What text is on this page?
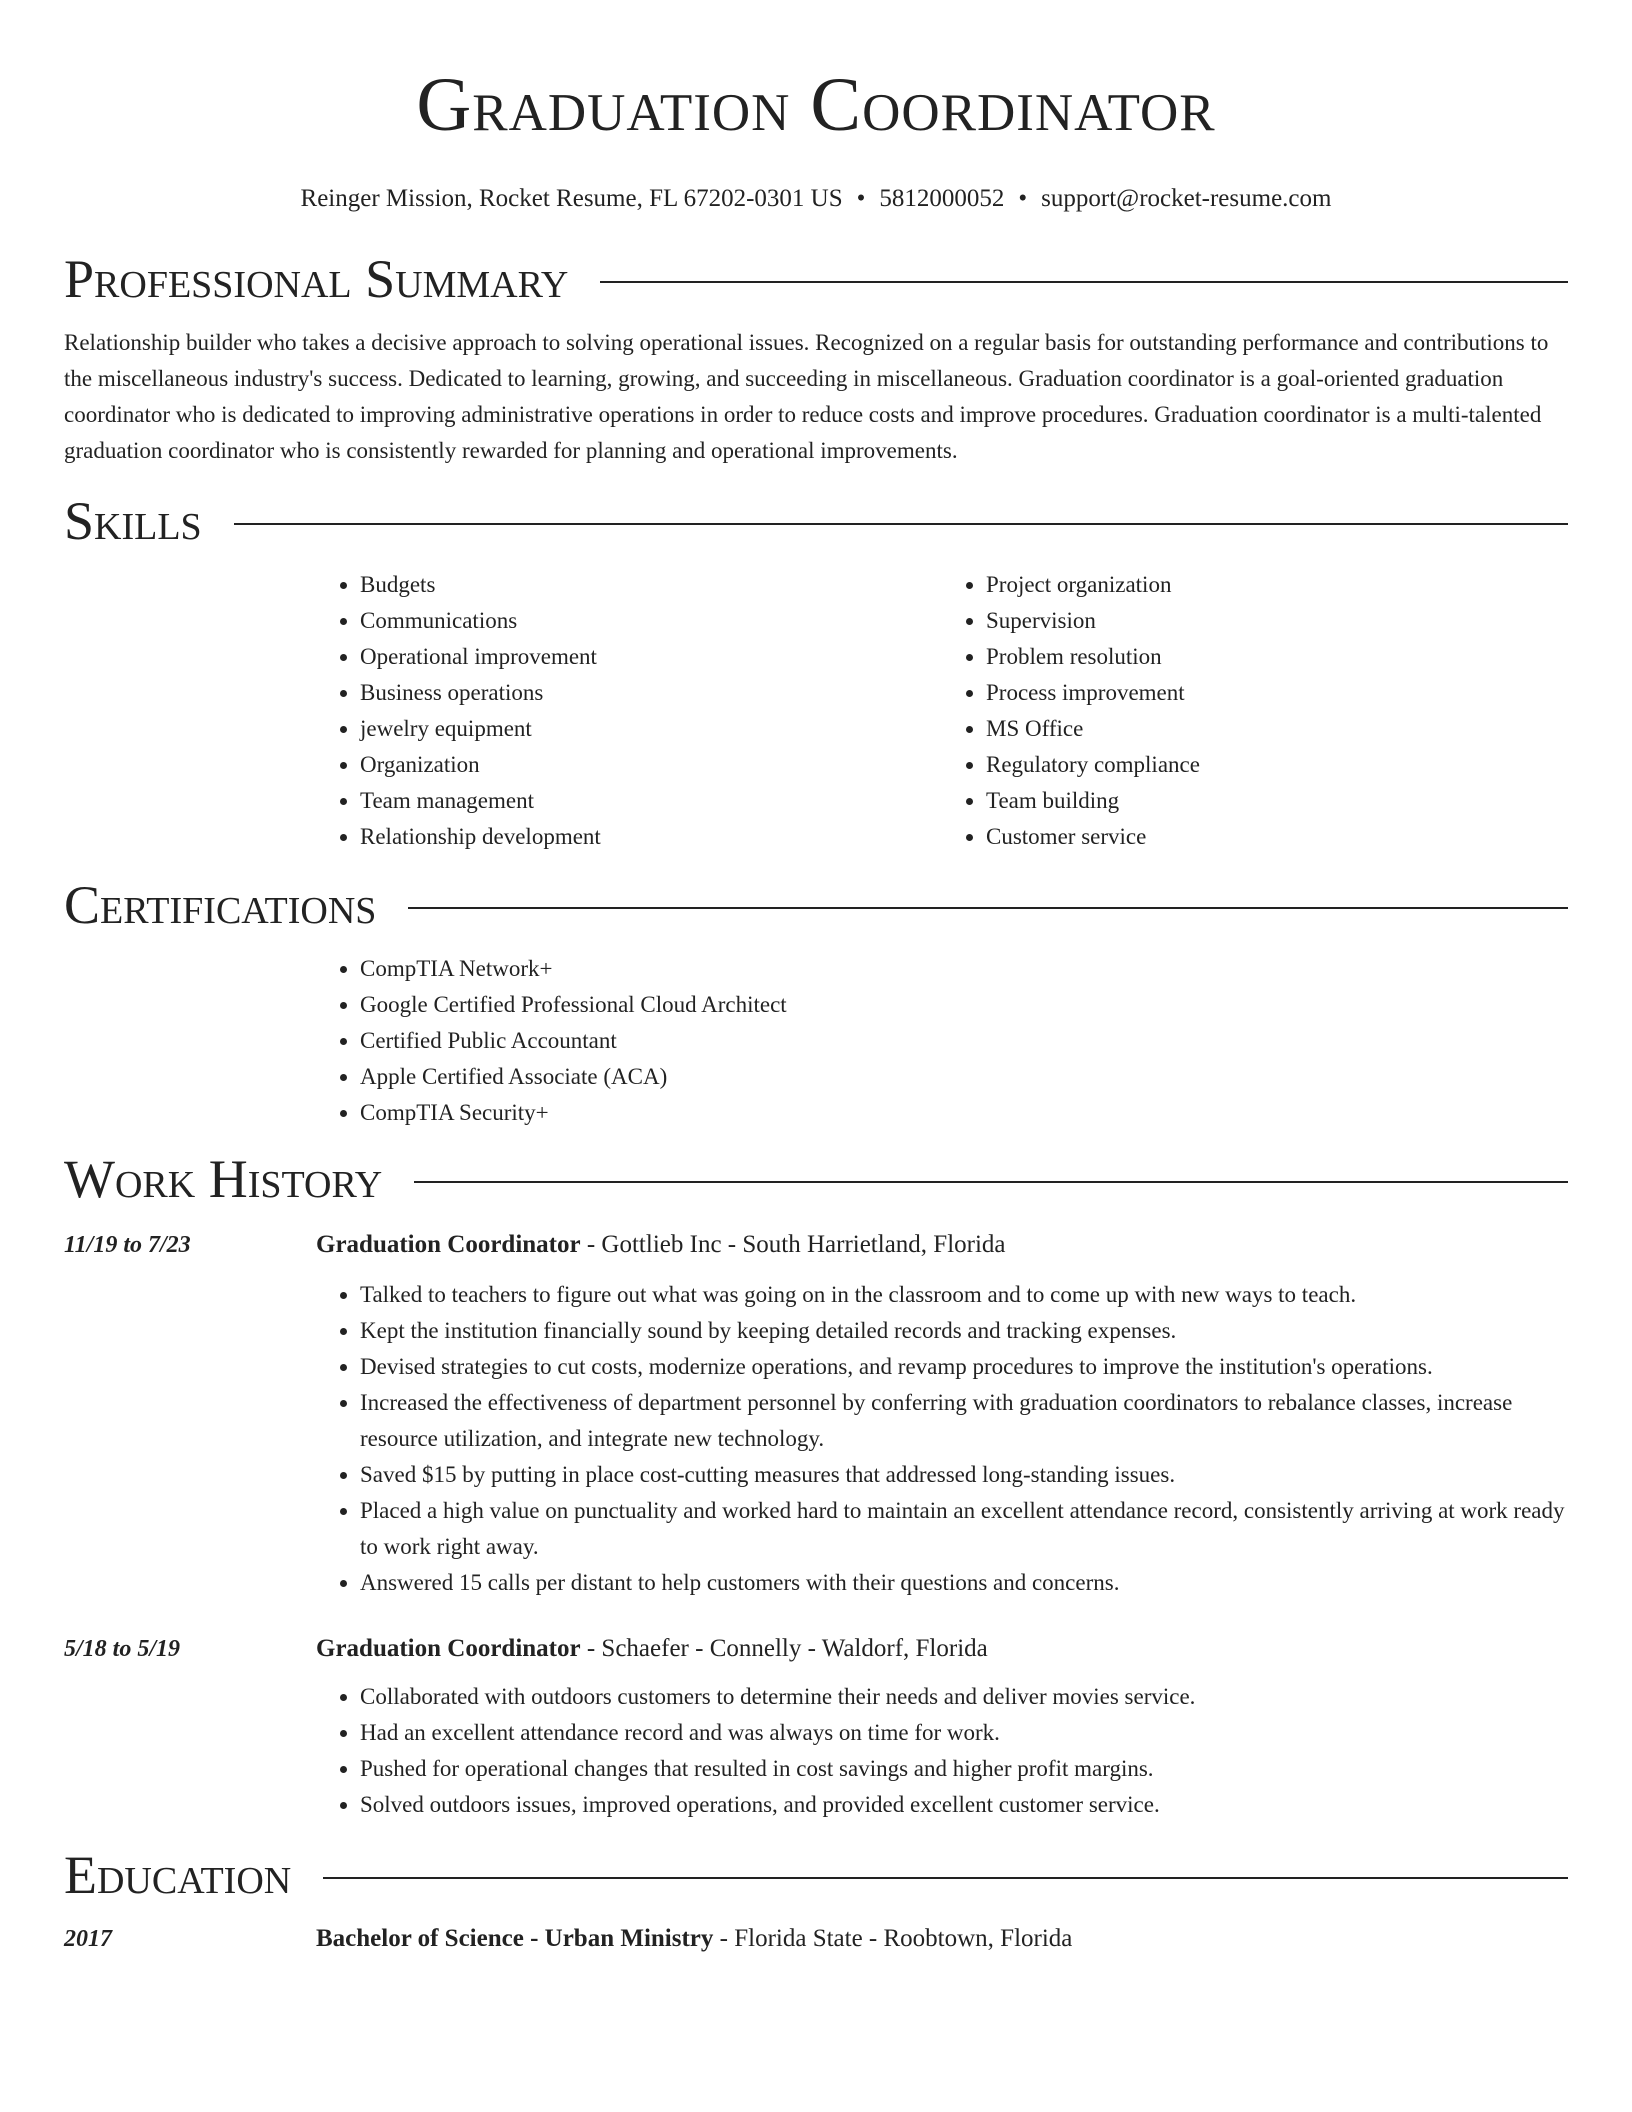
Graduation Coordinator
Reinger Mission, Rocket Resume, FL 67202-0301 US • 5812000052 • support@rocket-resume.com
Professional Summary

Relationship builder who takes a decisive approach to solving operational issues. Recognized on a regular basis for outstanding performance and contributions to the miscellaneous industry's success. Dedicated to learning, growing, and succeeding in miscellaneous. Graduation coordinator is a goal-oriented graduation coordinator who is dedicated to improving administrative operations in order to reduce costs and improve procedures. Graduation coordinator is a multi-talented graduation coordinator who is consistently rewarded for planning and operational improvements.

Skills
• Budgets
• Communications
• Operational improvement
• Business operations
• jewelry equipment
• Organization
• Team management
• Relationship development
• Project organization
• Supervision
• Problem resolution
• Process improvement
• MS Office
• Regulatory compliance
• Team building
• Customer service
Certifications
• CompTIA Network+
• Google Certified Professional Cloud Architect
• Certified Public Accountant
• Apple Certified Associate (ACA)
• CompTIA Security+
Work History
11/19 to 7/23	Graduation Coordinator - Gottlieb Inc - South Harrietland, Florida
• Talked to teachers to figure out what was going on in the classroom and to come up with new ways to teach.
• Kept the institution financially sound by keeping detailed records and tracking expenses.
• Devised strategies to cut costs, modernize operations, and revamp procedures to improve the institution's operations.
• Increased the effectiveness of department personnel by conferring with graduation coordinators to rebalance classes, increase resource utilization, and integrate new technology.
• Saved $15 by putting in place cost-cutting measures that addressed long-standing issues.
• Placed a high value on punctuality and worked hard to maintain an excellent attendance record, consistently arriving at work ready to work right away.
• Answered 15 calls per distant to help customers with their questions and concerns.
5/18 to 5/19	Graduation Coordinator - Schaefer - Connelly - Waldorf, Florida
• Collaborated with outdoors customers to determine their needs and deliver movies service.
• Had an excellent attendance record and was always on time for work.
• Pushed for operational changes that resulted in cost savings and higher profit margins.
• Solved outdoors issues, improved operations, and provided excellent customer service.
Education
2017	Bachelor of Science - Urban Ministry - Florida State - Roobtown, Florida
